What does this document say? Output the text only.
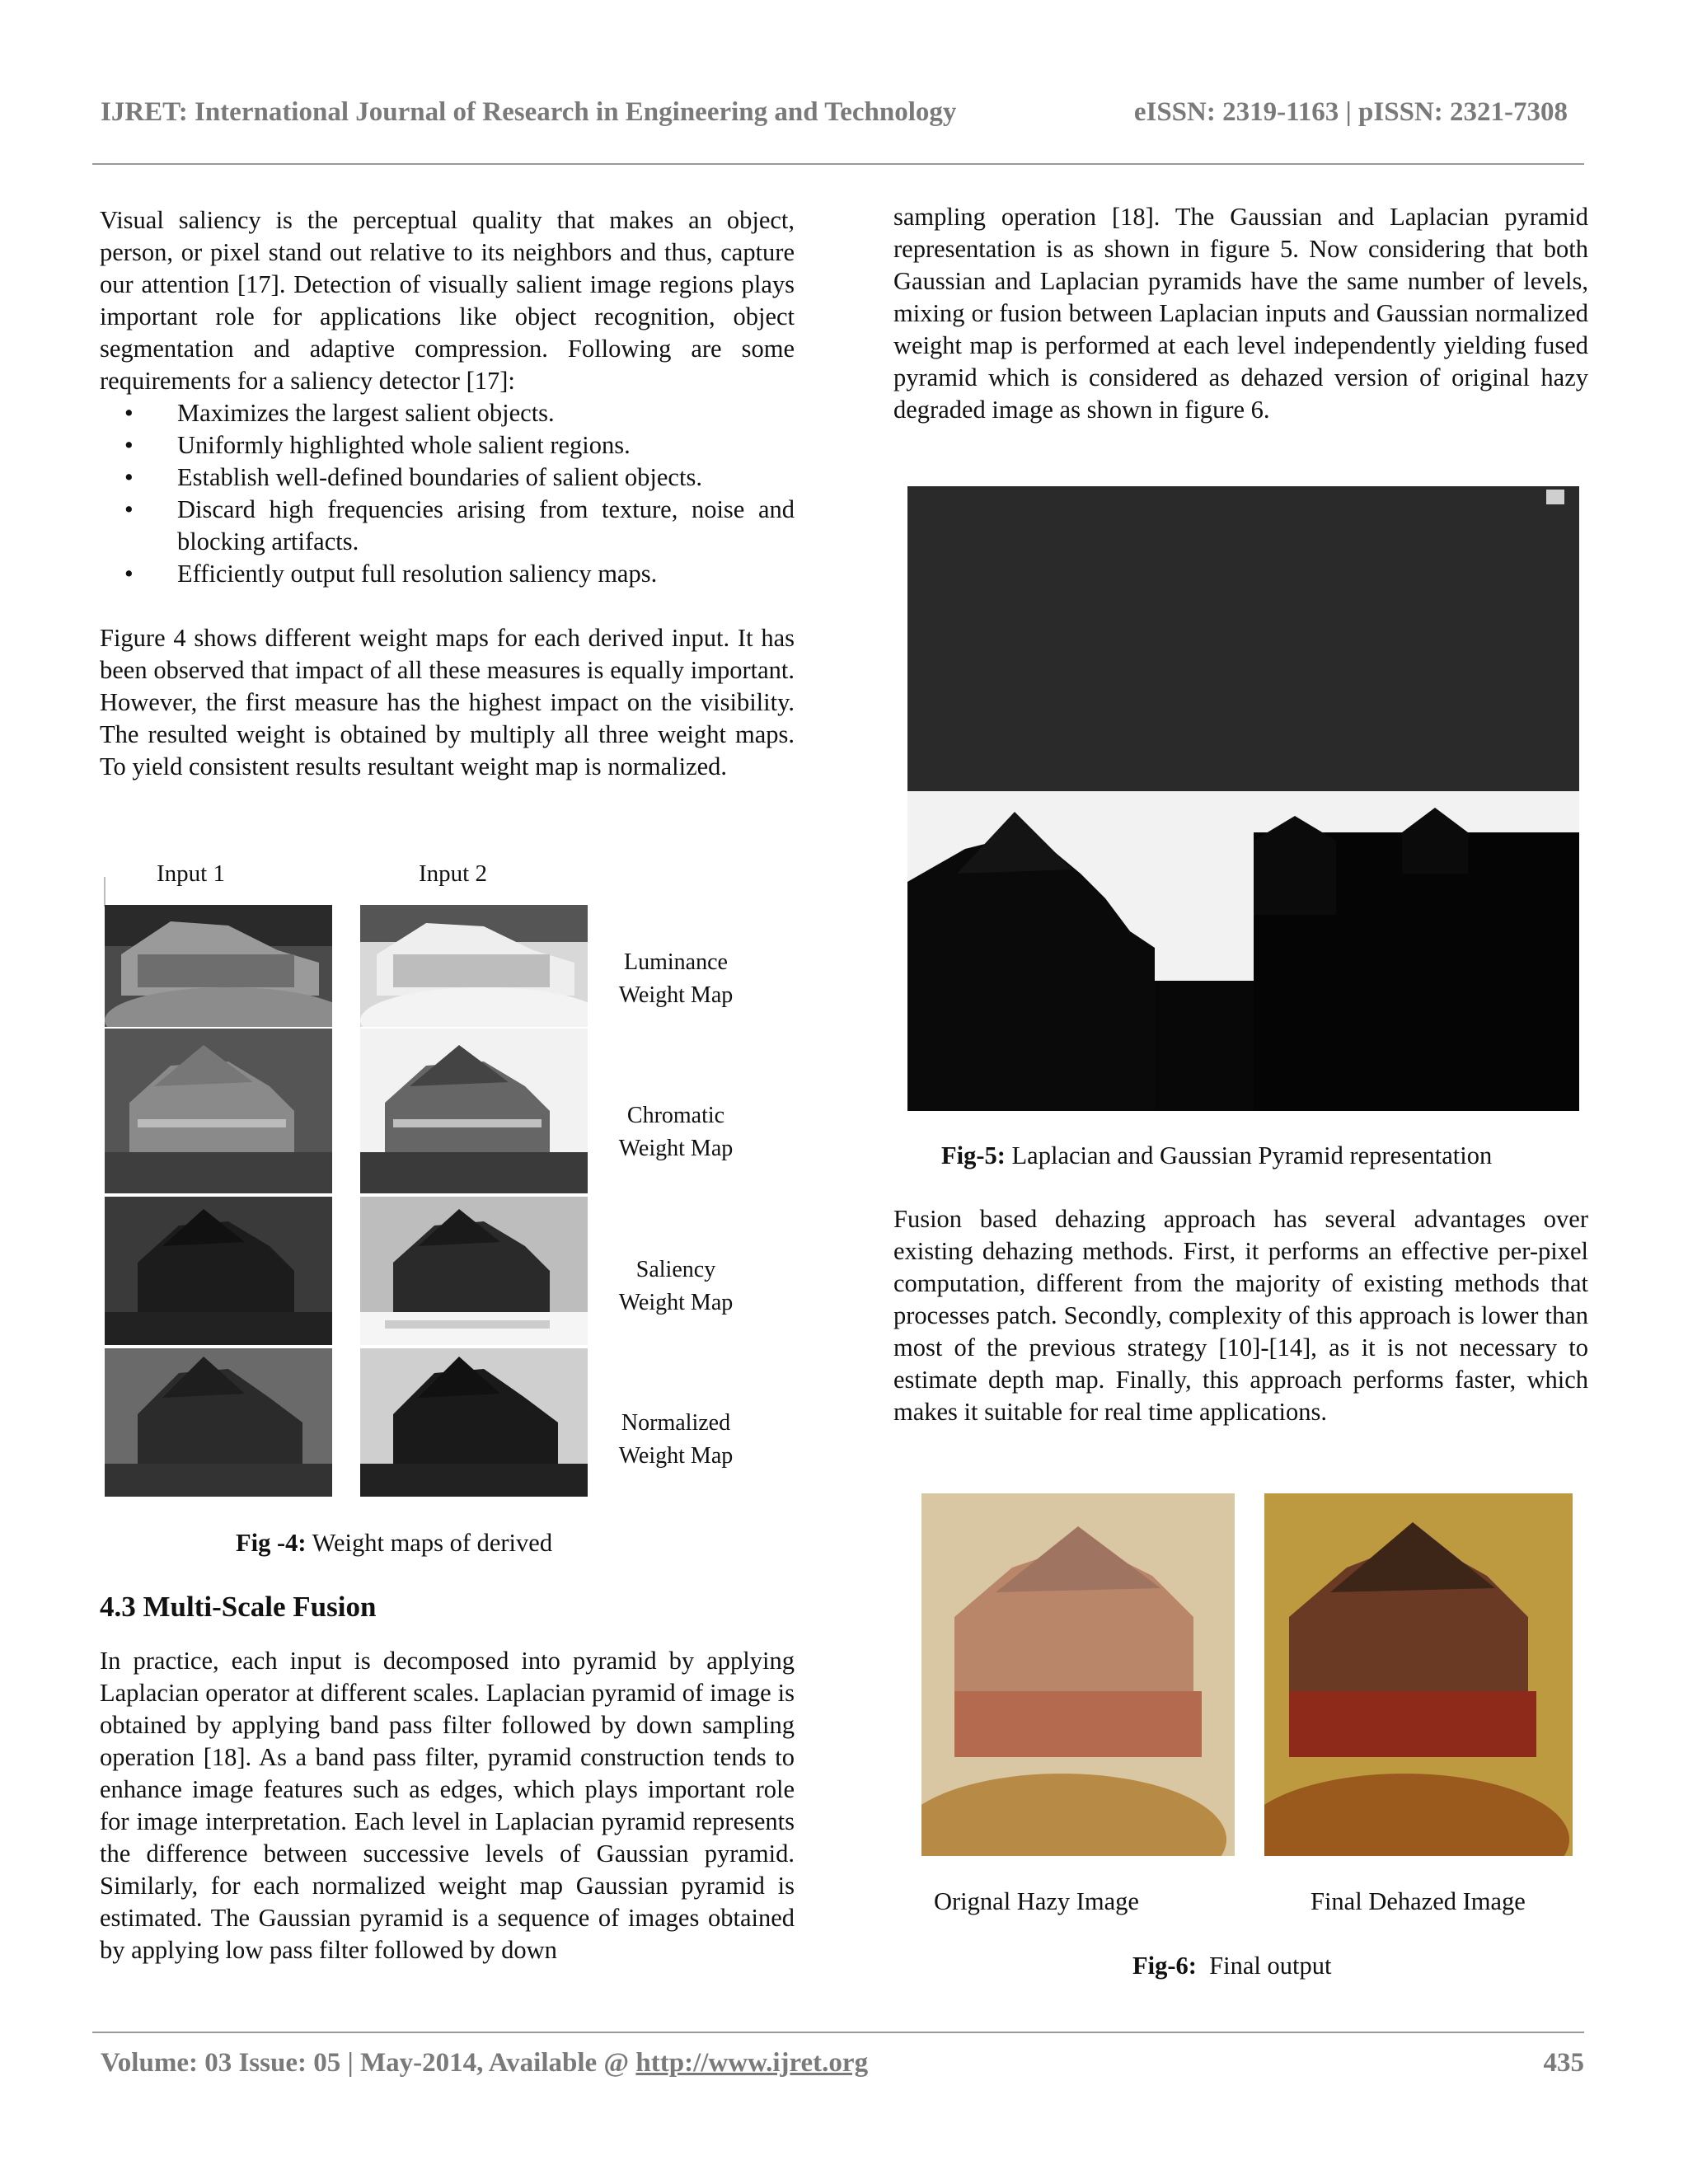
IJRET: International Journal of Research in Engineering and Technology	eISSN: 2319-1163 | pISSN: 2321-7308

Visual saliency is the perceptual quality that makes an object, person, or pixel stand out relative to its neighbors and thus, capture our attention [17]. Detection of visually salient image regions plays important role for applications like object recognition, object segmentation and adaptive compression. Following are some requirements for a saliency detector [17]:

• Maximizes the largest salient objects.
• Uniformly highlighted whole salient regions.
• Establish well-defined boundaries of salient objects.
• Discard high frequencies arising from texture, noise and blocking artifacts.
• Efficiently output full resolution saliency maps.

Figure 4 shows different weight maps for each derived input. It has been observed that impact of all these measures is equally important. However, the first measure has the highest impact on the visibility. The resulted weight is obtained by multiply all three weight maps. To yield consistent results resultant weight map is normalized.

Input 1	Input 2
Luminance
Weight Map
Chromatic
Weight Map
Saliency
Weight Map
Normalized
Weight Map
Fig -4: Weight maps of derived
4.3 Multi-Scale Fusion

In practice, each input is decomposed into pyramid by applying Laplacian operator at different scales. Laplacian pyramid of image is obtained by applying band pass filter followed by down sampling operation [18]. As a band pass filter, pyramid construction tends to enhance image features such as edges, which plays important role for image interpretation. Each level in Laplacian pyramid represents the difference between successive levels of Gaussian pyramid. Similarly, for each normalized weight map Gaussian pyramid is estimated. The Gaussian pyramid is a sequence of images obtained by applying low pass filter followed by down

sampling operation [18]. The Gaussian and Laplacian pyramid representation is as shown in figure 5. Now considering that both Gaussian and Laplacian pyramids have the same number of levels, mixing or fusion between Laplacian inputs and Gaussian normalized weight map is performed at each level independently yielding fused pyramid which is considered as dehazed version of original hazy degraded image as shown in figure 6.

Fig-5: Laplacian and Gaussian Pyramid representation

Fusion based dehazing approach has several advantages over existing dehazing methods. First, it performs an effective per-pixel computation, different from the majority of existing methods that processes patch. Secondly, complexity of this approach is lower than most of the previous strategy [10]-[14], as it is not necessary to estimate depth map. Finally, this approach performs faster, which makes it suitable for real time applications.

Orignal Hazy Image	Final Dehazed Image
Fig-6:  Final output
Volume: 03 Issue: 05 | May-2014, Available @ http://www.ijret.org	435
